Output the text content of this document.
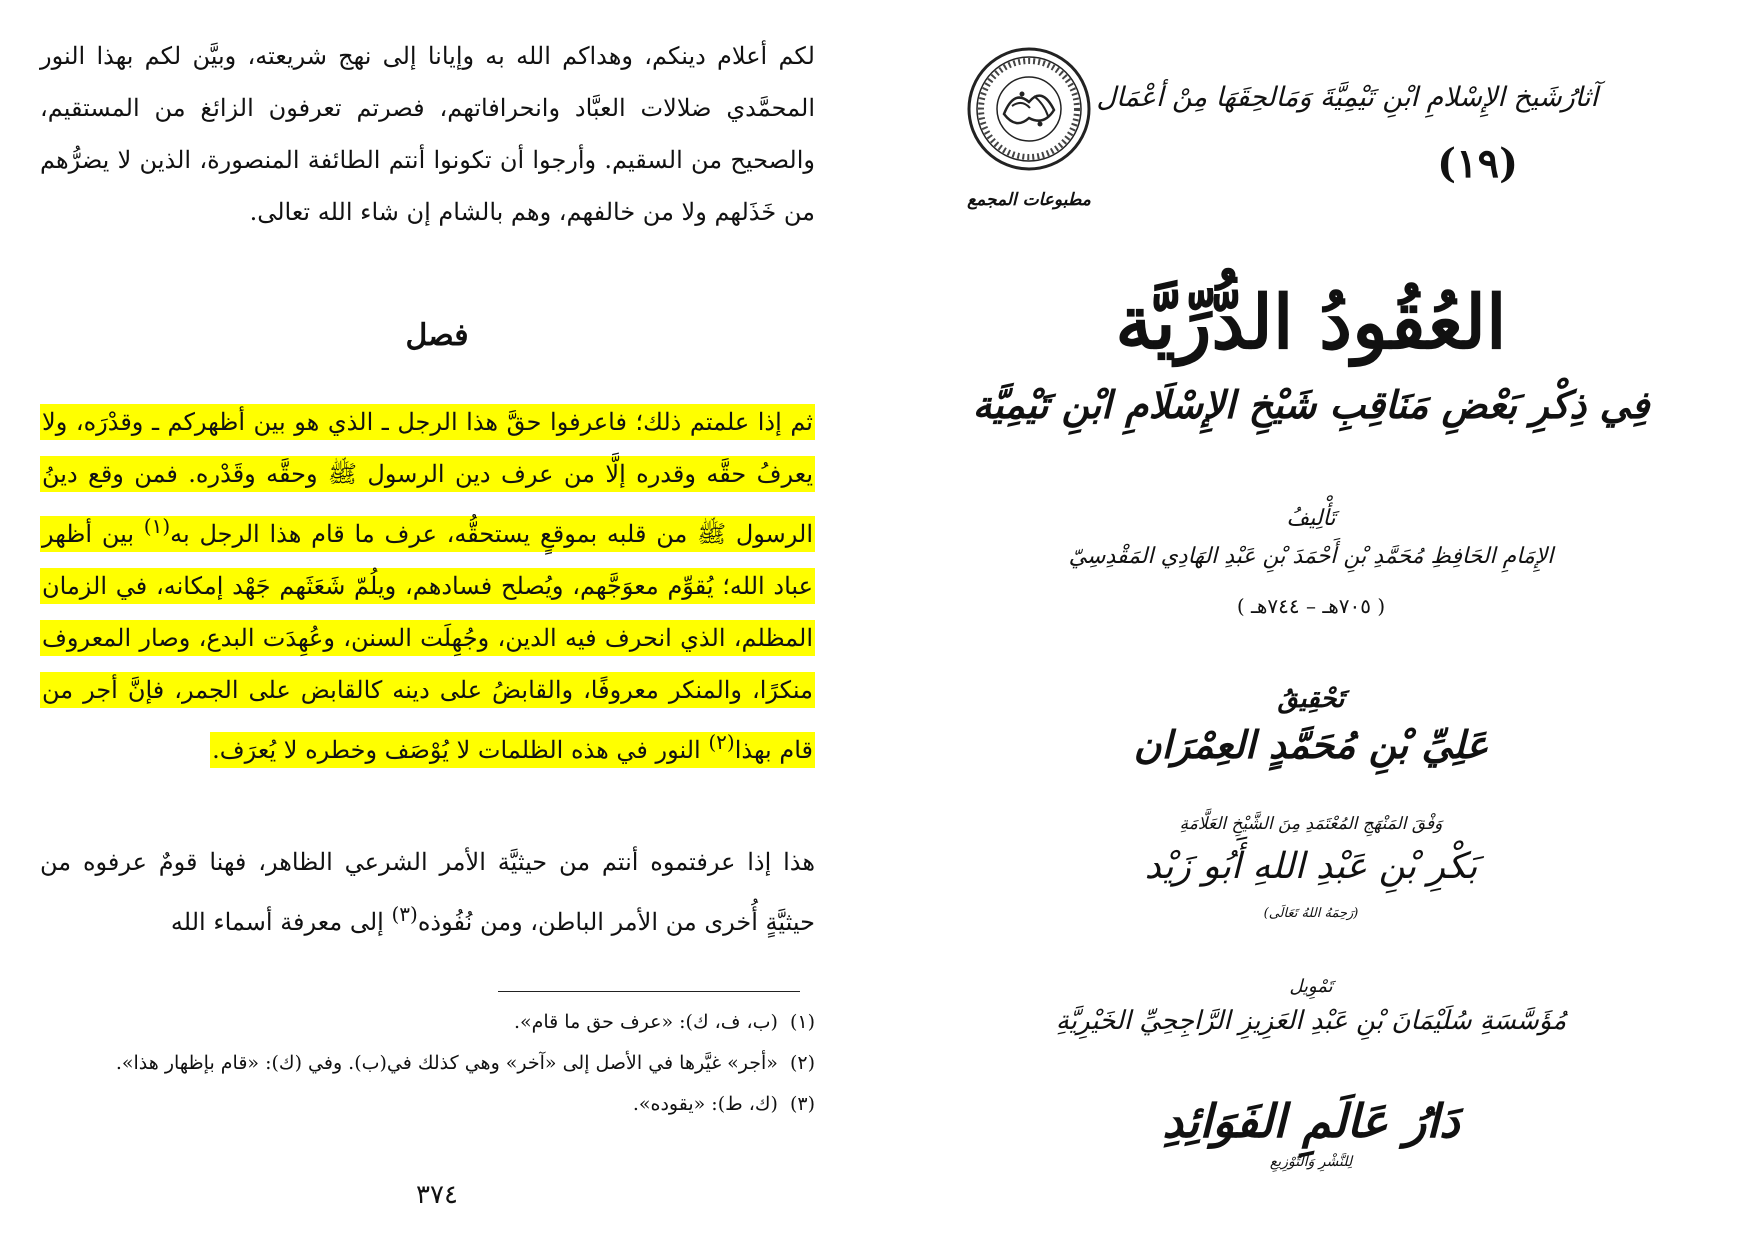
لكم أعلام دينكم، وهداكم الله به وإيانا إلى نهج شريعته، وبيَّن لكم بهذا النور المحمَّدي ضلالات العبَّاد وانحرافاتهم، فصرتم تعرفون الزائغ من المستقيم، والصحيح من السقيم. وأرجوا أن تكونوا أنتم الطائفة المنصورة، الذين لا يضرُّهم من خَذَلهم ولا من خالفهم، وهم بالشام إن شاء الله تعالى.
فصل
ثم إذا علمتم ذلك؛ فاعرفوا حقَّ هذا الرجل ـ الذي هو بين أظهركم ـ وقدْرَه، ولا يعرفُ حقَّه وقدره إلَّا من عرف دين الرسول ﷺ وحقَّه وقَدْره. فمن وقع دينُ الرسول ﷺ من قلبه بموقعٍ يستحقُّه، عرف ما قام هذا الرجل به$^{(١)}$ بين أظهر عباد الله؛ يُقوِّم معوَجَّهم، ويُصلح فسادهم، ويلُمّ شَعَثَهم جَهْد إمكانه، في الزمان المظلم، الذي انحرف فيه الدين، وجُهِلَت السنن، وعُهِدَت البدع، وصار المعروف منكرًا، والمنكر معروفًا، والقابضُ على دينه كالقابض على الجمر، فإنَّ أجر من قام بهذا$^{(٢)}$ النور في هذه الظلمات لا يُوْصَف وخطره لا يُعرَف.
هذا إذا عرفتموه أنتم من حيثيَّة الأمر الشرعي الظاهر، فهنا قومٌ عرفوه من حيثيَّةٍ أُخرى من الأمر الباطن، ومن نُفُوذه$^{(٣)}$ إلى معرفة أسماء الله

(١)(ب، ف، ك): «عرف حق ما قام».

(٢)«أجر» غيَّرها في الأصل إلى «آخر» وهي كذلك في(ب). وفي (ك): «قام بإظهار هذا».

(٣)(ك، ط): «يقوده».

٣٧٤
آثارُشَيخ الإِسْلامِ ابْنِ تَيْمِيَّةَ وَمَالحِقَهَا مِنْ أعْمَال
(١٩)
مطبوعات المجمع
العُقُودُ الدُّرِّيَّة
فِي ذِكْرِ بَعْضِ مَنَاقِبِ شَيْخِ الإِسْلَامِ ابْنِ تَيْمِيَّة
تَأْلِيفُ
الإِمَامِ الحَافِظِ مُحَمَّدِ بْنِ أَحْمَدَ بْنِ عَبْدِ الهَادِي المَقْدِسِيّ
( ٧٠٥هـ – ٧٤٤هـ )
تَحْقِيقُ
عَلِيِّ بْنِ مُحَمَّدٍ العِمْرَان
وَفْقَ المَنْهَجِ المُعْتَمَدِ مِنَ الشَّيْخِ العَلَّامَةِ
بَكْرِ بْنِ عَبْدِ اللهِ أَبُو زَيْد
(رَحِمَهُ اللهُ تَعَالَى)
تَمْوِيل
مُؤَسَّسَةِ سُلَيْمَانَ بْنِ عَبْدِ العَزِيزِ الرَّاجِحِيِّ الخَيْرِيَّةِ
دَارُ عَالَمِ الفَوَائِدِ
لِلنَّشْرِ وَالتَّوْزِيعِ
